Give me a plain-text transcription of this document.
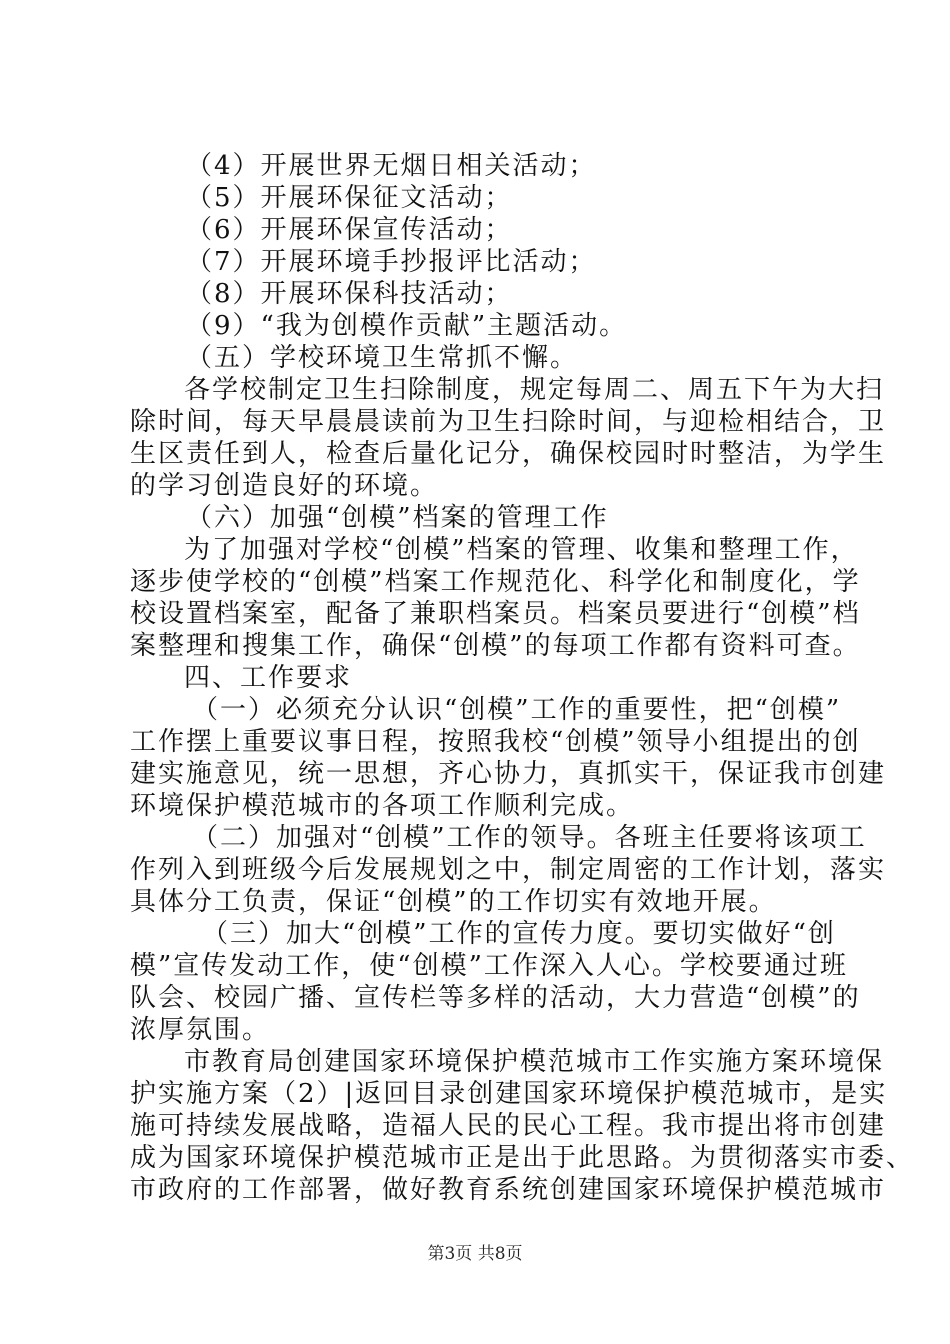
（4）开展世界无烟日相关活动；
（5）开展环保征文活动；
（6）开展环保宣传活动；
（7）开展环境手抄报评比活动；
（8）开展环保科技活动；
（9）“我为创模作贡献”主题活动。
（五）学校环境卫生常抓不懈。
各学校制定卫生扫除制度，规定每周二、周五下午为大扫
除时间，每天早晨晨读前为卫生扫除时间，与迎检相结合，卫
生区责任到人，检查后量化记分，确保校园时时整洁，为学生
的学习创造良好的环境。
（六）加强“创模”档案的管理工作
为了加强对学校“创模”档案的管理、收集和整理工作，
逐步使学校的“创模”档案工作规范化、科学化和制度化，学
校设置档案室，配备了兼职档案员。档案员要进行“创模”档
案整理和搜集工作，确保“创模”的每项工作都有资料可查。
四、工作要求
（一）必须充分认识“创模”工作的重要性，把“创模”
工作摆上重要议事日程，按照我校“创模”领导小组提出的创
建实施意见，统一思想，齐心协力，真抓实干，保证我市创建
环境保护模范城市的各项工作顺利完成。
（二）加强对“创模”工作的领导。各班主任要将该项工
作列入到班级今后发展规划之中，制定周密的工作计划，落实
具体分工负责，保证“创模”的工作切实有效地开展。
（三）加大“创模”工作的宣传力度。要切实做好“创
模”宣传发动工作，使“创模”工作深入人心。学校要通过班
队会、校园广播、宣传栏等多样的活动，大力营造“创模”的
浓厚氛围。
市教育局创建国家环境保护模范城市工作实施方案环境保
护实施方案（2）|返回目录创建国家环境保护模范城市，是实
施可持续发展战略，造福人民的民心工程。我市提出将市创建
成为国家环境保护模范城市正是出于此思路。为贯彻落实市委、
市政府的工作部署，做好教育系统创建国家环境保护模范城市
第3页 共8页
